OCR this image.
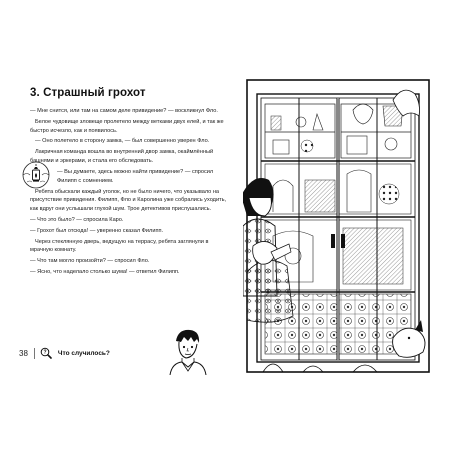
3. Страшный грохот

— Мне снится, или там на самом деле привидение? — воскликнул Фло.

Белое чудовище зловеще пролетело между ветками двух елей, и так же быстро исчезло, как и появилось.

— Оно полетело в сторону замка, — был совершенно уверен Фло.

Лакричная команда вошла во внутренний двор замка, окаймлённый башнями и эркерами, и стала его обследовать.

— Вы думаете, здесь можно найти привидение? — спросил Филипп с сомнением.

Ребята обыскали каждый уголок, но не было ничего, что указывало на присутствие привидения. Филипп, Фло и Каролина уже собрались уходить, как вдруг они услышали глухой шум. Трое детективов прислушались.

— Что это было? — спросила Каро.

— Грохот был отсюда! — уверенно сказал Филипп.

Через стеклянную дверь, ведущую на террасу, ребята заглянули в мрачную комнату.

— Что там могло произойти? — спросил Фло.

— Ясно, что наделало столько шума! — ответил Филипп.

38	? Что случилось?
